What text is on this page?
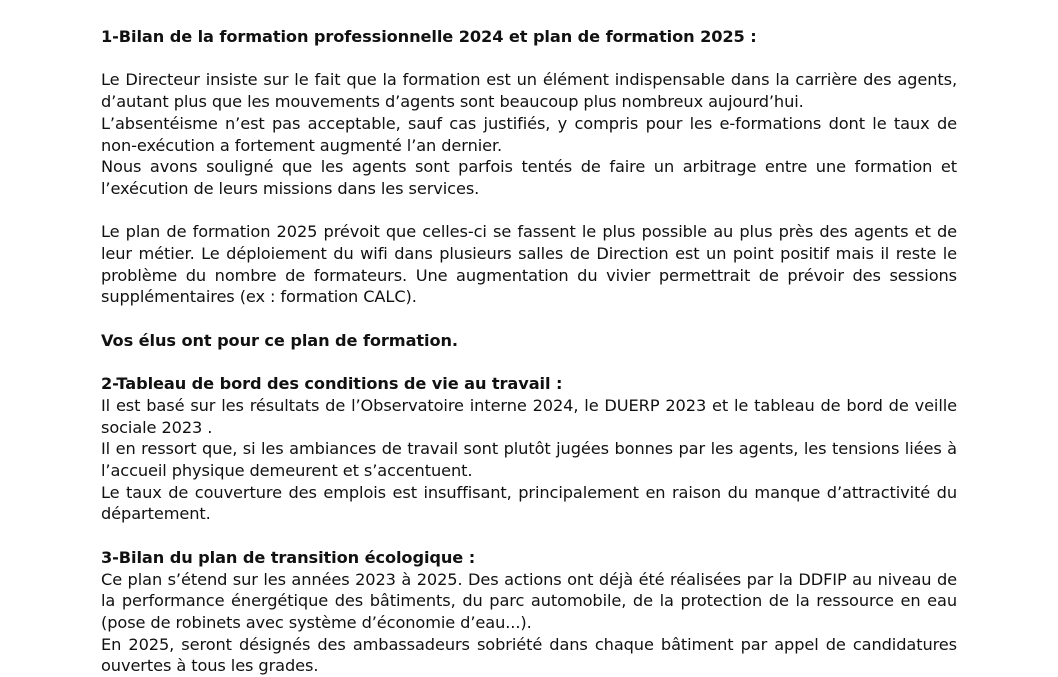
1-Bilan de la formation professionnelle 2024 et plan de formation 2025 :

Le Directeur insiste sur le fait que la formation est un élément indispensable dans la carrière des agents, d’autant plus que les mouvements d’agents sont beaucoup plus nombreux aujourd’hui.

L’absentéisme n’est pas acceptable, sauf cas justifiés, y compris pour les e-formations dont le taux de non-exécution a fortement augmenté l’an dernier.

Nous avons souligné que les agents sont parfois tentés de faire un arbitrage entre une formation et l’exécution de leurs missions dans les services.

Le plan de formation 2025 prévoit que celles-ci se fassent le plus possible au plus près des agents et de leur métier. Le déploiement du wifi dans plusieurs salles de Direction est un point positif mais il reste le problème du nombre de formateurs. Une augmentation du vivier permettrait de prévoir des sessions supplémentaires (ex : formation CALC).

Vos élus ont pour ce plan de formation.

2-Tableau de bord des conditions de vie au travail :

Il est basé sur les résultats de l’Observatoire interne 2024, le DUERP 2023 et le tableau de bord de veille sociale 2023 .

Il en ressort que, si les ambiances de travail sont plutôt jugées bonnes par les agents, les tensions liées à l’accueil physique demeurent et s’accentuent.

Le taux de couverture des emplois est insuffisant, principalement en raison du manque d’attractivité du département.

3-Bilan du plan de transition écologique :

Ce plan s’étend sur les années 2023 à 2025. Des actions ont déjà été réalisées par la DDFIP au niveau de la performance énergétique des bâtiments, du parc automobile, de la protection de la ressource en eau (pose de robinets avec système d’économie d’eau...).

En 2025, seront désignés des ambassadeurs sobriété dans chaque bâtiment par appel de candidatures ouvertes à tous les grades.
